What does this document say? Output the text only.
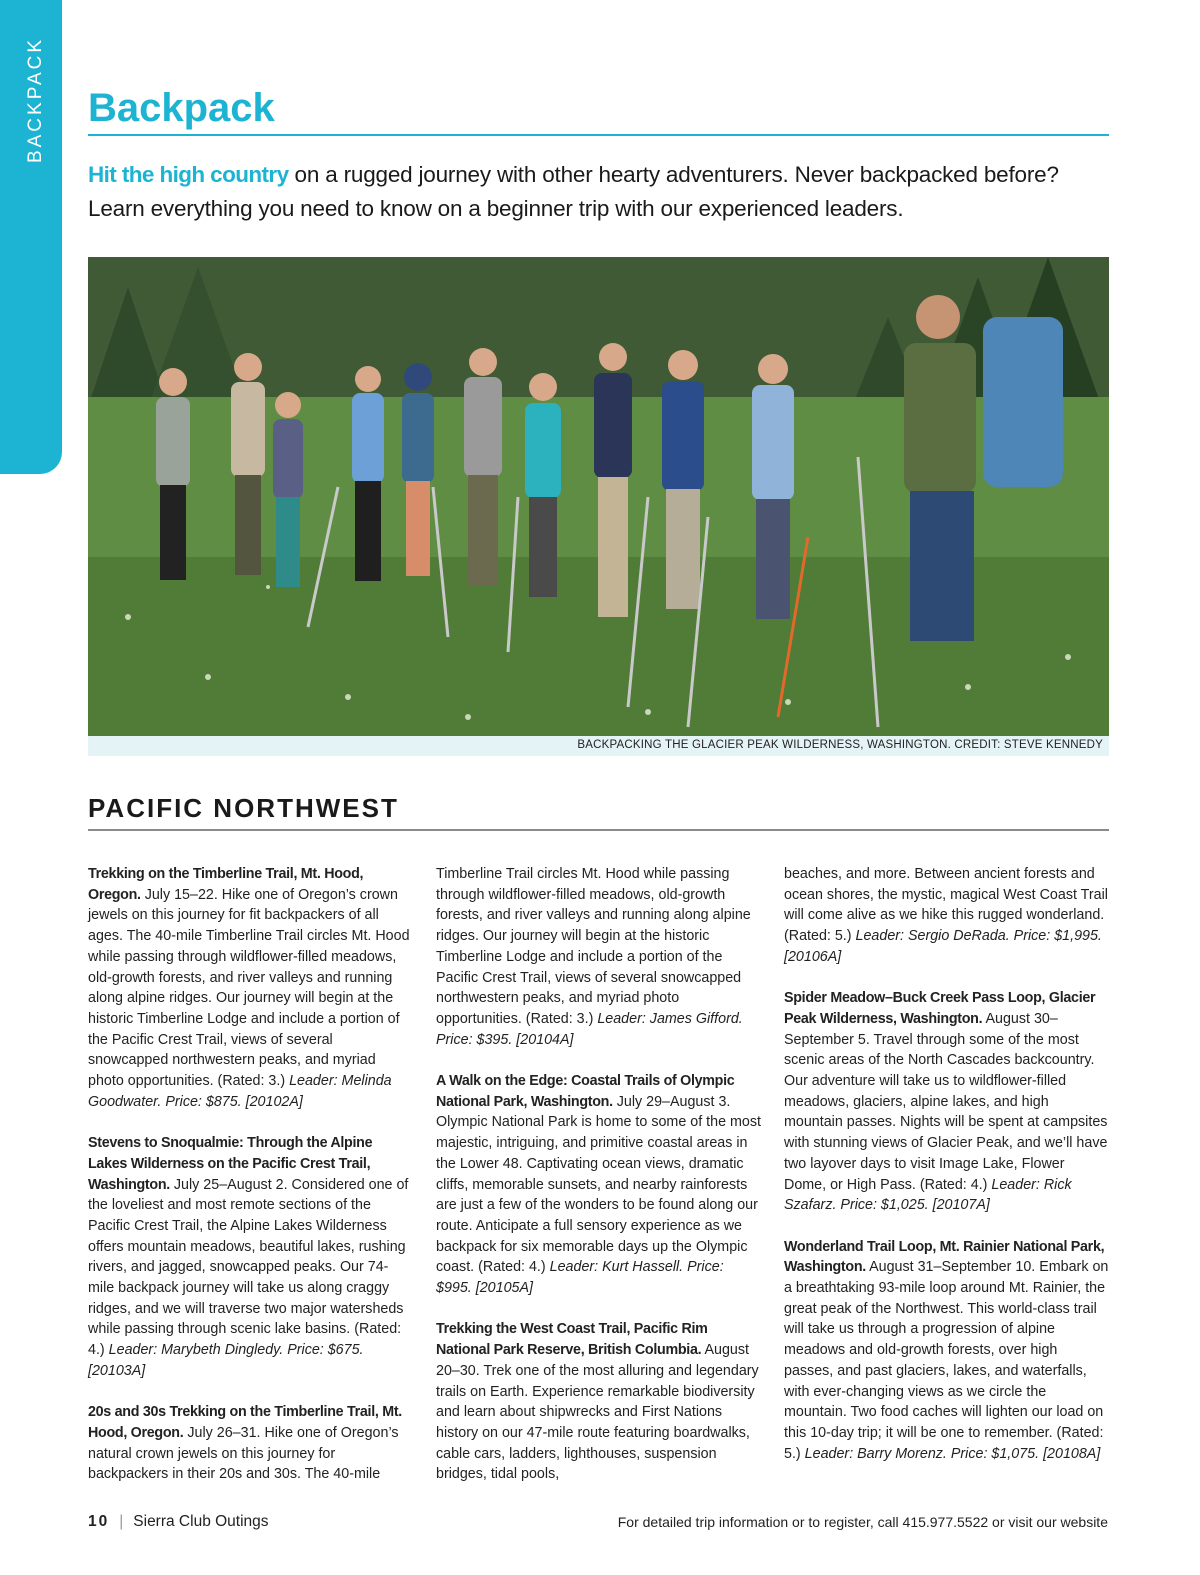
BACKPACK Backpack

Hit the high country on a rugged journey with other hearty adventurers. Never backpacked before? Learn everything you need to know on a beginner trip with our experienced leaders.

BACKPACKING THE GLACIER PEAK WILDERNESS, WASHINGTON. CREDIT: STEVE KENNEDY
PACIFIC NORTHWEST

Trekking on the Timberline Trail, Mt. Hood, Oregon. July 15–22. Hike one of Oregon’s crown jewels on this journey for fit backpackers of all ages. The 40-mile Timberline Trail circles Mt. Hood while passing through wildflower-filled meadows, old-growth forests, and river valleys and running along alpine ridges. Our journey will begin at the historic Timberline Lodge and include a portion of the Pacific Crest Trail, views of several snowcapped northwestern peaks, and myriad photo opportunities. (Rated: 3.) Leader: Melinda Goodwater. Price: $875. [20102A]

Stevens to Snoqualmie: Through the Alpine Lakes Wilderness on the Pacific Crest Trail, Washington. July 25–August 2. Considered one of the loveliest and most remote sections of the Pacific Crest Trail, the Alpine Lakes Wilderness offers mountain meadows, beautiful lakes, rushing rivers, and jagged, snowcapped peaks. Our 74-mile backpack journey will take us along craggy ridges, and we will traverse two major watersheds while passing through scenic lake basins. (Rated: 4.) Leader: Marybeth Dingledy. Price: $675. [20103A]

20s and 30s Trekking on the Timberline Trail, Mt. Hood, Oregon. July 26–31. Hike one of Oregon’s natural crown jewels on this journey for backpackers in their 20s and 30s. The 40-mile

Timberline Trail circles Mt. Hood while passing through wildflower-filled meadows, old-growth forests, and river valleys and running along alpine ridges. Our journey will begin at the historic Timberline Lodge and include a portion of the Pacific Crest Trail, views of several snowcapped northwestern peaks, and myriad photo opportunities. (Rated: 3.) Leader: James Gifford. Price: $395. [20104A]

A Walk on the Edge: Coastal Trails of Olympic National Park, Washington. July 29–August 3. Olympic National Park is home to some of the most majestic, intriguing, and primitive coastal areas in the Lower 48. Captivating ocean views, dramatic cliffs, memorable sunsets, and nearby rainforests are just a few of the wonders to be found along our route. Anticipate a full sensory experience as we backpack for six memorable days up the Olympic coast. (Rated: 4.) Leader: Kurt Hassell. Price: $995. [20105A]

Trekking the West Coast Trail, Pacific Rim National Park Reserve, British Columbia. August 20–30. Trek one of the most alluring and legendary trails on Earth. Experience remarkable biodiversity and learn about shipwrecks and First Nations history on our 47-mile route featuring boardwalks, cable cars, ladders, lighthouses, suspension bridges, tidal pools,

beaches, and more. Between ancient forests and ocean shores, the mystic, magical West Coast Trail will come alive as we hike this rugged wonderland. (Rated: 5.) Leader: Sergio DeRada. Price: $1,995. [20106A]

Spider Meadow–Buck Creek Pass Loop, Glacier Peak Wilderness, Washington. August 30–September 5. Travel through some of the most scenic areas of the North Cascades backcountry. Our adventure will take us to wildflower-filled meadows, glaciers, alpine lakes, and high mountain passes. Nights will be spent at campsites with stunning views of Glacier Peak, and we’ll have two layover days to visit Image Lake, Flower Dome, or High Pass. (Rated: 4.) Leader: Rick Szafarz. Price: $1,025. [20107A]

Wonderland Trail Loop, Mt. Rainier National Park, Washington. August 31–September 10. Embark on a breathtaking 93-mile loop around Mt. Rainier, the great peak of the Northwest. This world-class trail will take us through a progression of alpine meadows and old-growth forests, over high passes, and past glaciers, lakes, and waterfalls, with ever-changing views as we circle the mountain. Two food caches will lighten our load on this 10-day trip; it will be one to remember. (Rated: 5.) Leader: Barry Morenz. Price: $1,075. [20108A]

10 | Sierra Club Outings	For detailed trip information or to register, call 415.977.5522 or visit our website
